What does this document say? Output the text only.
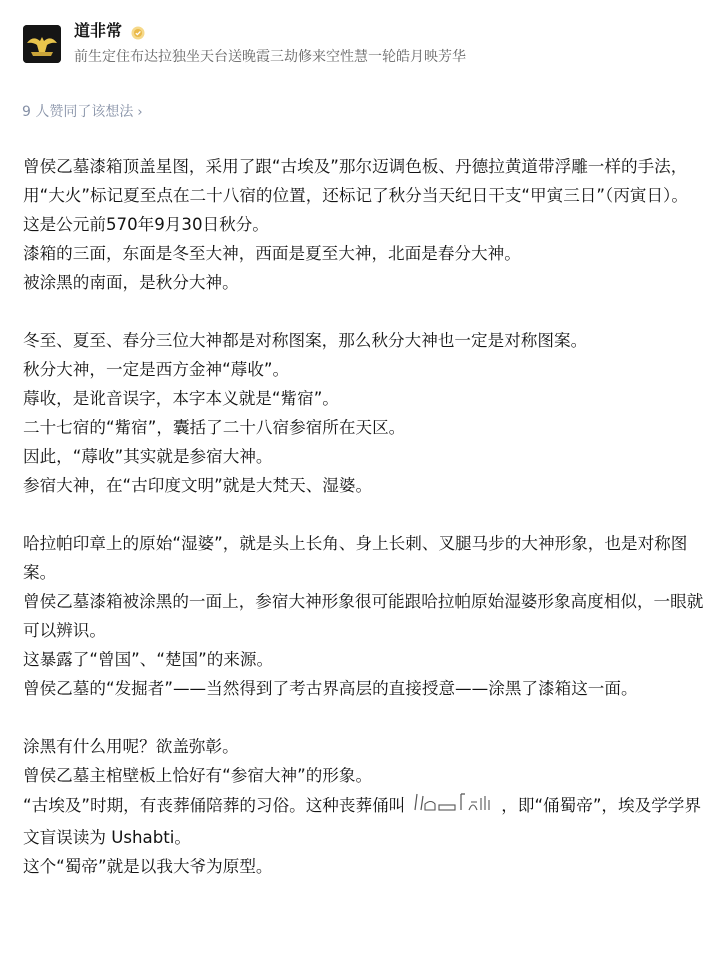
道非常
前生定住布达拉独坐天台送晚霞三劫修来空性慧一轮皓月映芳华
9 人赞同了该想法 ›

曾侯乙墓漆箱顶盖星图，采用了跟“古埃及”那尔迈调色板、丹德拉黄道带浮雕一样的手法，用“大火”标记夏至点在二十八宿的位置，还标记了秋分当天纪日干支“甲寅三日”（丙寅日）。

这是公元前570年9月30日秋分。

漆箱的三面，东面是冬至大神，西面是夏至大神，北面是春分大神。

被涂黑的南面，是秋分大神。

冬至、夏至、春分三位大神都是对称图案，那么秋分大神也一定是对称图案。

秋分大神，一定是西方金神“蓐收”。

蓐收，是讹音误字，本字本义就是“觜宿”。

二十七宿的“觜宿”，囊括了二十八宿参宿所在天区。

因此，“蓐收”其实就是参宿大神。

参宿大神，在“古印度文明”就是大梵天、湿婆。

哈拉帕印章上的原始“湿婆”，就是头上长角、身上长刺、叉腿马步的大神形象，也是对称图案。

曾侯乙墓漆箱被涂黑的一面上，参宿大神形象很可能跟哈拉帕原始湿婆形象高度相似，一眼就可以辨识。

这暴露了“曾国”、“楚国”的来源。

曾侯乙墓的“发掘者”——当然得到了考古界高层的直接授意——涂黑了漆箱这一面。

涂黑有什么用呢？欲盖弥彰。

曾侯乙墓主棺壁板上恰好有“参宿大神”的形象。

“古埃及”时期，有丧葬俑陪葬的习俗。这种丧葬俑叫	，即“俑蜀帝”，埃及学学界文盲误读为 Ushabti。

这个“蜀帝”就是以我大爷为原型。
